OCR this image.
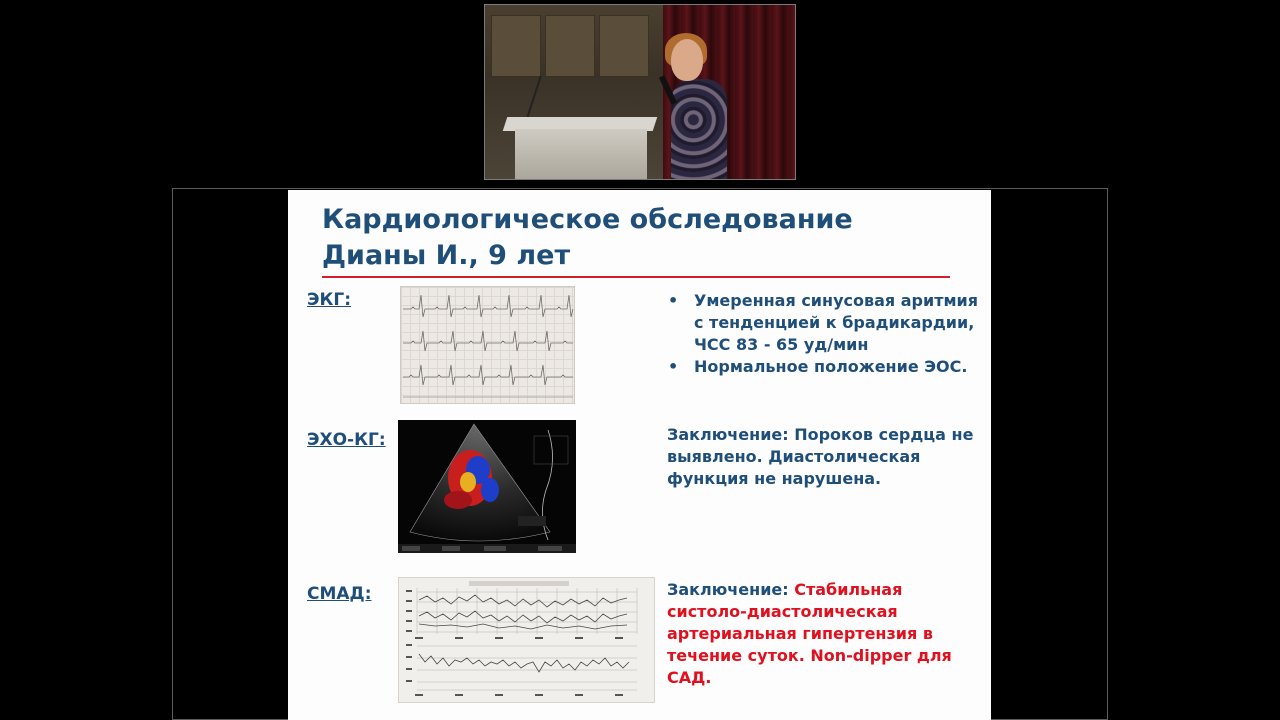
Кардиологическое обследование
Дианы И., 9 лет
ЭКГ:	• Умеренная синусовая аритмия с тенденцией к брадикардии, ЧСС 83 - 65 уд/мин
• Нормальное положение ЭОС.
ЭХО-КГ:	Заключение: Пороков сердца не выявлено. Диастолическая функция не нарушена.

СМАД:	Заключение: Стабильная систоло-диастолическая артериальная гипертензия в течение суток. Non-dipper для САД.
